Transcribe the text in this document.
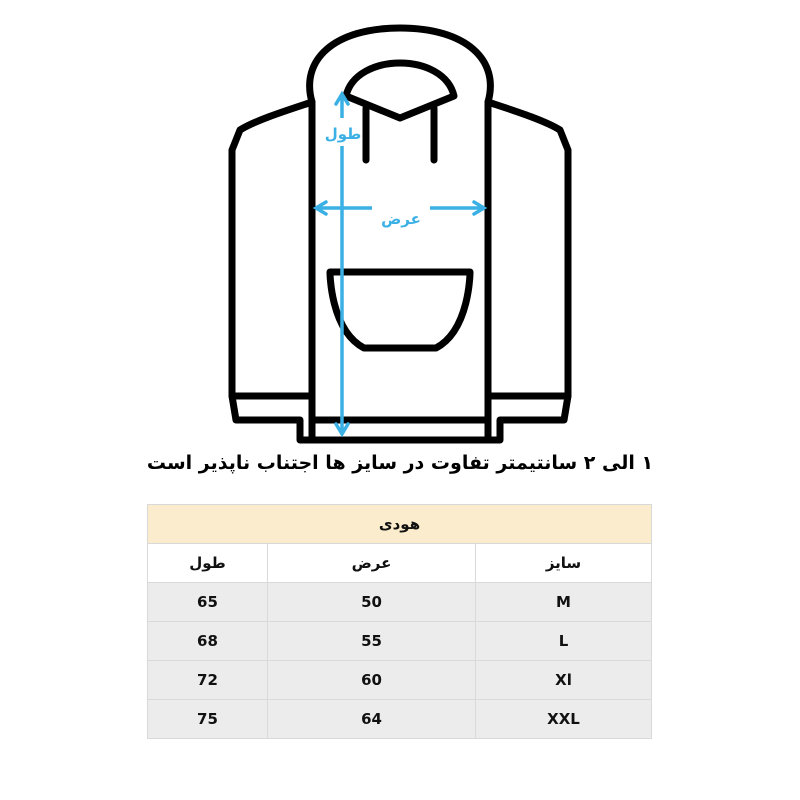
طول
عرض
۱ الی ۲ سانتیمتر تفاوت در سایز ها اجتناب ناپذیر است
هودی		
سایز	عرض	طول
M	50	65
L	55	68
Xl	60	72
XXL	64	75
